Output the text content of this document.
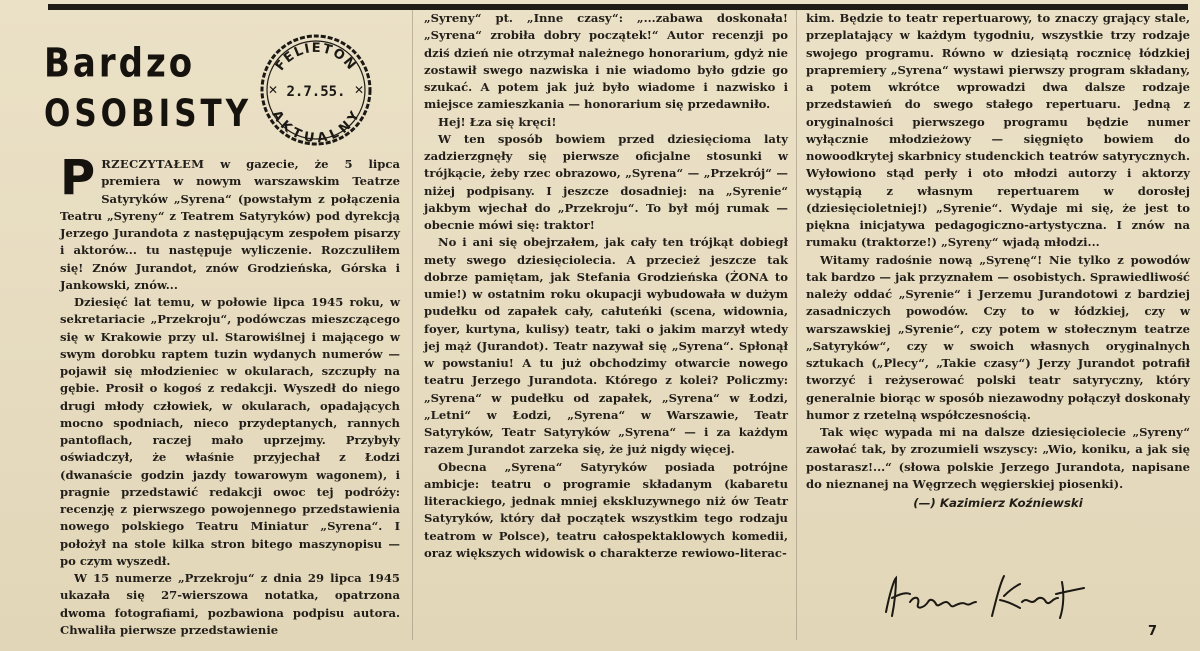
Bardzo
OSOBISTY
FELIETON
AKTUALNY
✕	✕
2.7.55.

PRZECZYTAŁEM w gazecie, że 5 lipca premiera w nowym warszawskim Teatrze Satyryków „Syrena“ (powstałym z połączenia Teatru „Syreny“ z Teatrem Satyryków) pod dyrekcją Jerzego Jurandota z następującym zespołem pisarzy i aktorów... tu następuje wyliczenie. Rozczuliłem się! Znów Jurandot, znów Grodzieńska, Górska i Jankowski, znów...

Dziesięć lat temu, w połowie lipca 1945 roku, w sekretariacie „Przekroju“, podówczas mieszczącego się w Krakowie przy ul. Starowiślnej i mającego w swym dorobku raptem tuzin wydanych numerów — pojawił się młodzieniec w okularach, szczupły na gębie. Prosił o kogoś z redakcji. Wyszedł do niego drugi młody człowiek, w okularach, opadających mocno spodniach, nieco przydeptanych, rannych pantoflach, raczej mało uprzejmy. Przybyły oświadczył, że właśnie przyjechał z Łodzi (dwanaście godzin jazdy towarowym wagonem), i pragnie przedstawić redakcji owoc tej podróży: recenzję z pierwszego powojennego przedstawienia nowego polskiego Teatru Miniatur „Syrena“. I położył na stole kilka stron bitego maszynopisu — po czym wyszedł.

W 15 numerze „Przekroju“ z dnia 29 lipca 1945 ukazała się 27-wierszowa notatka, opatrzona dwoma fotografiami, pozbawiona podpisu autora. Chwaliła pierwsze przedstawienie

„Syreny“ pt. „Inne czasy“: „...zabawa doskonała! „Syrena“ zrobiła dobry początek!“ Autor recenzji po dziś dzień nie otrzymał należnego honorarium, gdyż nie zostawił swego nazwiska i nie wiadomo było gdzie go szukać. A potem jak już było wiadome i nazwisko i miejsce zamieszkania — honorarium się przedawniło.

Hej! Łza się kręci!

W ten sposób bowiem przed dziesięcioma laty zadzierzgnęły się pierwsze oficjalne stosunki w trójkącie, żeby rzec obrazowo, „Syrena“ — „Przekrój“ — niżej podpisany. I jeszcze dosadniej: na „Syrenie“ jakbym wjechał do „Przekroju“. To był mój rumak — obecnie mówi się: traktor!

No i ani się obejrzałem, jak cały ten trójkąt dobiegł mety swego dziesięciolecia. A przecież jeszcze tak dobrze pamiętam, jak Stefania Grodzieńska (ŻONA to umie!) w ostatnim roku okupacji wybudowała w dużym pudełku od zapałek cały, całuteńki (scena, widownia, foyer, kurtyna, kulisy) teatr, taki o jakim marzył wtedy jej mąż (Jurandot). Teatr nazywał się „Syrena“. Spłonął w powstaniu! A tu już obchodzimy otwarcie nowego teatru Jerzego Jurandota. Którego z kolei? Policzmy: „Syrena“ w pudełku od zapałek, „Syrena“ w Łodzi, „Letni“ w Łodzi, „Syrena“ w Warszawie, Teatr Satyryków, Teatr Satyryków „Syrena“ — i za każdym razem Jurandot zarzeka się, że już nigdy więcej.

Obecna „Syrena“ Satyryków posiada potrójne ambicje: teatru o programie składanym (kabaretu literackiego, jednak mniej ekskluzywnego niż ów Teatr Satyryków, który dał początek wszystkim tego rodzaju teatrom w Polsce), teatru całospektaklowych komedii, oraz większych widowisk o charakterze rewiowo-literac-

kim. Będzie to teatr repertuarowy, to znaczy grający stale, przeplatający w każdym tygodniu, wszystkie trzy rodzaje swojego programu. Równo w dziesiątą rocznicę łódzkiej prapremiery „Syrena“ wystawi pierwszy program składany, a potem wkrótce wprowadzi dwa dalsze rodzaje przedstawień do swego stałego repertuaru. Jedną z oryginalności pierwszego programu będzie numer wyłącznie młodzieżowy — sięgnięto bowiem do nowoodkrytej skarbnicy studenckich teatrów satyrycznych. Wyłowiono stąd perły i oto młodzi autorzy i aktorzy wystąpią z własnym repertuarem w dorosłej (dziesięcioletniej!) „Syrenie“. Wydaje mi się, że jest to piękna inicjatywa pedagogiczno-artystyczna. I znów na rumaku (traktorze!) „Syreny“ wjadą młodzi...

Witamy radośnie nową „Syrenę“! Nie tylko z powodów tak bardzo — jak przyznałem — osobistych. Sprawiedliwość należy oddać „Syrenie“ i Jerzemu Jurandotowi z bardziej zasadniczych powodów. Czy to w łódzkiej, czy w warszawskiej „Syrenie“, czy potem w stołecznym teatrze „Satyryków“, czy w swoich własnych oryginalnych sztukach („Plecy“, „Takie czasy“) Jerzy Jurandot potrafił tworzyć i reżyserować polski teatr satyryczny, który generalnie biorąc w sposób niezawodny połączył doskonały humor z rzetelną współczesnością.

Tak więc wypada mi na dalsze dziesięciolecie „Syreny“ zawołać tak, by zrozumieli wszyscy: „Wio, koniku, a jak się postarasz!...“ (słowa polskie Jerzego Jurandota, napisane do nieznanej na Węgrzech węgierskiej piosenki).

(—) Kazimierz Koźniewski

7
